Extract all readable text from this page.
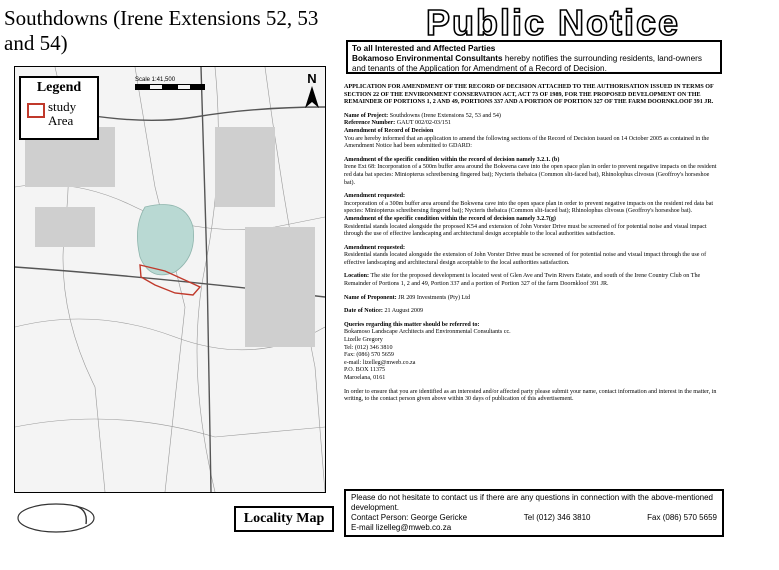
Southdowns (Irene Extensions 52, 53 and 54)
Legend
study Area
Scale 1:41,500	N
Locality Map
Public Notice
To all Interested and Affected Parties
Bokamoso Environmental Consultants hereby notifies the surrounding residents, land-owners and tenants of the Application for Amendment of a Record of Decision.

APPLICATION FOR AMENDMENT OF THE RECORD OF DECISION ATTACHED TO THE AUTHORISATION ISSUED IN TERMS OF SECTION 22 OF THE ENVIRONMENT CONSERVATION ACT, ACT 73 OF 1989, FOR THE PROPOSED DEVELOPMENT ON THE REMAINDER OF PORTIONS 1, 2 AND 49, PORTIONS 337 AND A PORTION OF PORTION 327 OF THE FARM DOORNKLOOF 391 JR.

Name of Project: Southdowns (Irene Extensions 52, 53 and 54)

Reference Number: GAUT 002/02-03/151

Amendment of Record of Decision

You are hereby informed that an application to amend the following sections of the Record of Decision issued on 14 October 2005 as contained in the Amendment Notice had been submitted to GDARD:

Amendment of the specific condition within the record of decision namely 3.2.1. (b)

Irene Ext 68: Incorporation of a 500m buffer area around the Bokwena cave into the open space plan in order to prevent negative impacts on the resident red data bat species: Miniopterus schreibersing fingered bat); Nycteris thebaica (Common slit-faced bat), Rhinolophus clivosus (Geoffroy's horseshoe bat).

Amendment requested:

Incorporation of a 300m buffer area around the Bokwena cave into the open space plan in order to prevent negative impacts on the resident red data bat species: Miniopterus schreibersing fingered bat); Nycteris thebaica (Common slit-faced bat); Rhinolophus clivosus (Geoffroy's horseshoe bat).

Amendment of the specific condition within the record of decision namely 3.2.7(g)

Residential stands located alongside the proposed K54 and extension of John Vorster Drive must be screened of for potential noise and visual impact through the use of effective landscaping and architectural design acceptable to the local authorities satisfaction.

Amendment requested:

Residential stands located alongside the extension of John Vorster Drive must be screened of for potential noise and visual impact through the use of effective landscaping and architectural design acceptable to the local authorities satisfaction.

Location: The site for the proposed development is located west of Glen Ave and Twin Rivers Estate, and south of the Irene Country Club on The Remainder of Portions 1, 2 and 49, Portion 337 and a portion of Portion 327 of the farm Doornkloof 391 JR.

Name of Proponent: JR 209 Investments (Pty) Ltd

Date of Notice: 21 August 2009

Queries regarding this matter should be referred to:

Bokamoso Landscape Architects and Environmental Consultants cc.
Lizelle Gregory
Tel: (012) 346 3810
Fax: (086) 570 5659
e-mail: lizelleg@mweb.co.za
P.O. BOX 11375
Maroelana, 0161

In order to ensure that you are identified as an interested and/or affected party please submit your name, contact information and interest in the matter, in writing, to the contact person given above within 30 days of publication of this advertisement.

Please do not hesitate to contact us if there are any questions in connection with the above-mentioned development.
Contact Person: George Gericke	Tel (012) 346 3810	Fax (086) 570 5659
E-mail lizelleg@mweb.co.za
